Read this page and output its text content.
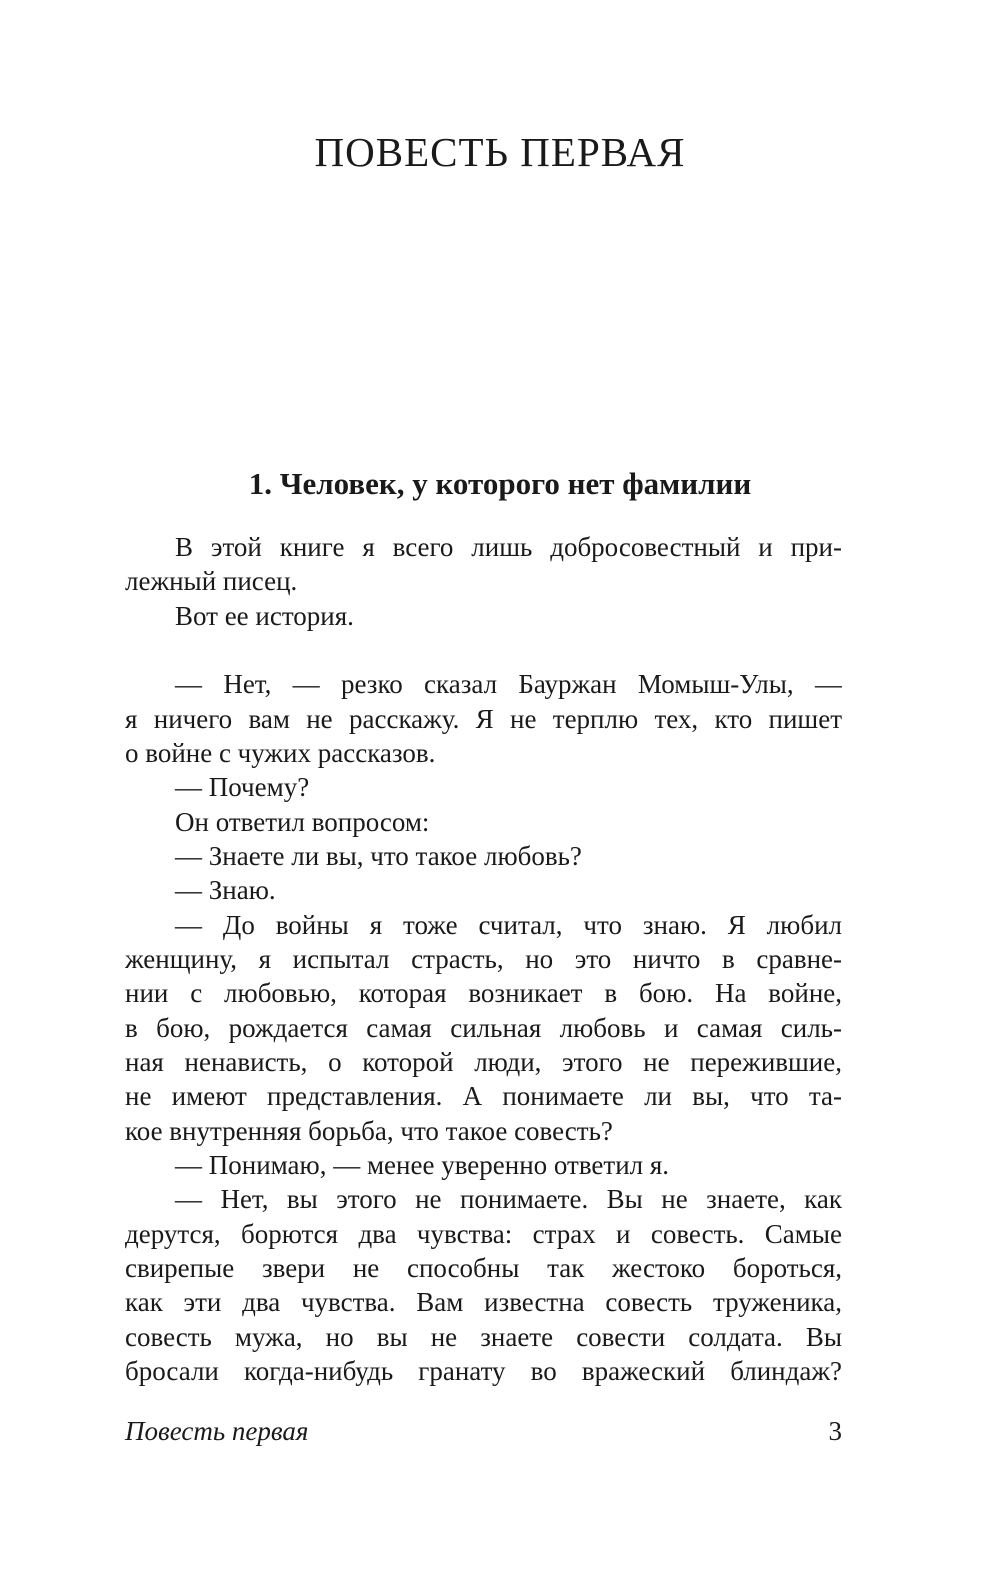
ПОВЕСТЬ ПЕРВАЯ
1. Человек, у которого нет фамилии
В этой книге я всего лишь добросовестный и при-
лежный писец.
Вот ее история.
— Нет, — резко сказал Бауржан Момыш-Улы, —
я ничего вам не расскажу. Я не терплю тех, кто пишет
о войне с чужих рассказов.
— Почему?
Он ответил вопросом:
— Знаете ли вы, что такое любовь?
— Знаю.
— До войны я тоже считал, что знаю. Я любил
женщину, я испытал страсть, но это ничто в сравне-
нии с любовью, которая возникает в бою. На войне,
в бою, рождается самая сильная любовь и самая силь-
ная ненависть, о которой люди, этого не пережившие,
не имеют представления. А понимаете ли вы, что та-
кое внутренняя борьба, что такое совесть?
— Понимаю, — менее уверенно ответил я.
— Нет, вы этого не понимаете. Вы не знаете, как
дерутся, борются два чувства: страх и совесть. Самые
свирепые звери не способны так жестоко бороться,
как эти два чувства. Вам известна совесть труженика,
совесть мужа, но вы не знаете совести солдата. Вы
бросали когда-нибудь гранату во вражеский блиндаж?
Повесть первая	3
